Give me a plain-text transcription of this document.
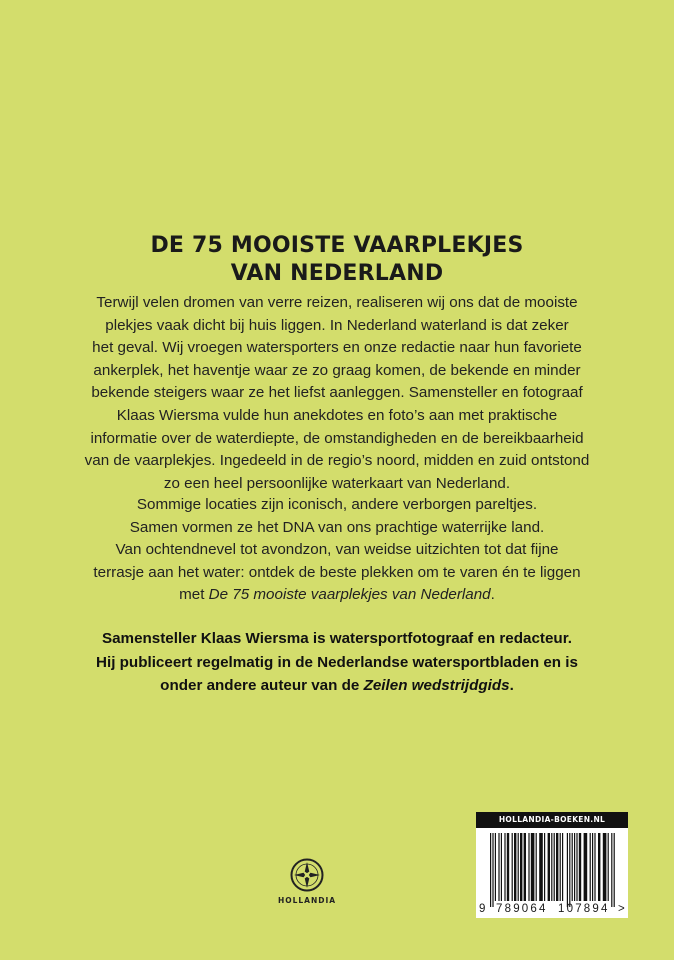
DE 75 MOOISTE VAARPLEKJES
VAN NEDERLAND
Terwijl velen dromen van verre reizen, realiseren wij ons dat de mooiste
plekjes vaak dicht bij huis liggen. In Nederland waterland is dat zeker
het geval. Wij vroegen watersporters en onze redactie naar hun favoriete
ankerplek, het haventje waar ze zo graag komen, de bekende en minder
bekende steigers waar ze het liefst aanleggen. Samensteller en fotograaf
Klaas Wiersma vulde hun anekdotes en foto’s aan met praktische
informatie over de waterdiepte, de omstandigheden en de bereikbaarheid
van de vaarplekjes. Ingedeeld in de regio’s noord, midden en zuid ontstond
zo een heel persoonlijke waterkaart van Nederland.
Sommige locaties zijn iconisch, andere verborgen pareltjes.
Samen vormen ze het DNA van ons prachtige waterrijke land.
Van ochtendnevel tot avondzon, van weidse uitzichten tot dat fijne
terrasje aan het water: ontdek de beste plekken om te varen én te liggen
met De 75 mooiste vaarplekjes van Nederland.
Samensteller Klaas Wiersma is watersportfotograaf en redacteur.
Hij publiceert regelmatig in de Nederlandse watersportbladen en is
onder andere auteur van de Zeilen wedstrijdgids.
HOLLANDIA
HOLLANDIA-BOEKEN.NL
9 789064 107894 >
